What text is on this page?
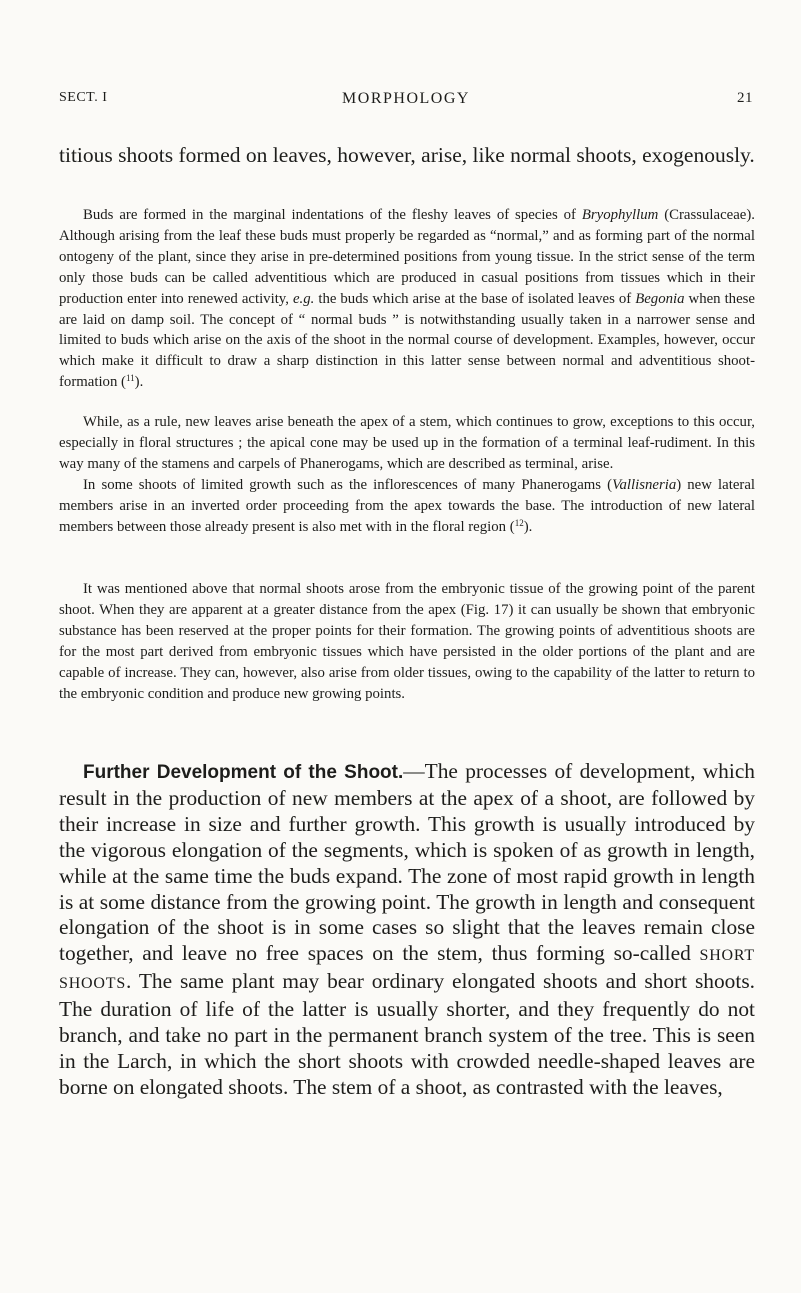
SECT. I	MORPHOLOGY	21
titious shoots formed on leaves, however, arise, like normal shoots, exogenously.

Buds are formed in the marginal indentations of the fleshy leaves of species of Bryophyllum (Crassulaceae). Although arising from the leaf these buds must properly be regarded as “normal,” and as forming part of the normal ontogeny of the plant, since they arise in pre-determined positions from young tissue. In the strict sense of the term only those buds can be called adventitious which are produced in casual positions from tissues which in their production enter into renewed activity, e.g. the buds which arise at the base of isolated leaves of Begonia when these are laid on damp soil. The concept of “ normal buds ” is notwithstanding usually taken in a narrower sense and limited to buds which arise on the axis of the shoot in the normal course of development. Examples, however, occur which make it difficult to draw a sharp distinction in this latter sense between normal and adventitious shoot-formation ($^{11}$).

While, as a rule, new leaves arise beneath the apex of a stem, which continues to grow, exceptions to this occur, especially in floral structures ; the apical cone may be used up in the formation of a terminal leaf-rudiment. In this way many of the stamens and carpels of Phanerogams, which are described as terminal, arise.

In some shoots of limited growth such as the inflorescences of many Phanerogams (Vallisneria) new lateral members arise in an inverted order proceeding from the apex towards the base. The introduction of new lateral members between those already present is also met with in the floral region ($^{12}$).

It was mentioned above that normal shoots arose from the embryonic tissue of the growing point of the parent shoot. When they are apparent at a greater distance from the apex (Fig. 17) it can usually be shown that embryonic substance has been reserved at the proper points for their formation. The growing points of adventitious shoots are for the most part derived from embryonic tissues which have persisted in the older portions of the plant and are capable of increase. They can, however, also arise from older tissues, owing to the capability of the latter to return to the embryonic condition and produce new growing points.

Further Development of the Shoot.—The processes of development, which result in the production of new members at the apex of a shoot, are followed by their increase in size and further growth. This growth is usually introduced by the vigorous elongation of the segments, which is spoken of as growth in length, while at the same time the buds expand. The zone of most rapid growth in length is at some distance from the growing point. The growth in length and consequent elongation of the shoot is in some cases so slight that the leaves remain close together, and leave no free spaces on the stem, thus forming so-called SHORT SHOOTS. The same plant may bear ordinary elongated shoots and short shoots. The duration of life of the latter is usually shorter, and they frequently do not branch, and take no part in the permanent branch system of the tree. This is seen in the Larch, in which the short shoots with crowded needle-shaped leaves are borne on elongated shoots. The stem of a shoot, as contrasted with the leaves,
